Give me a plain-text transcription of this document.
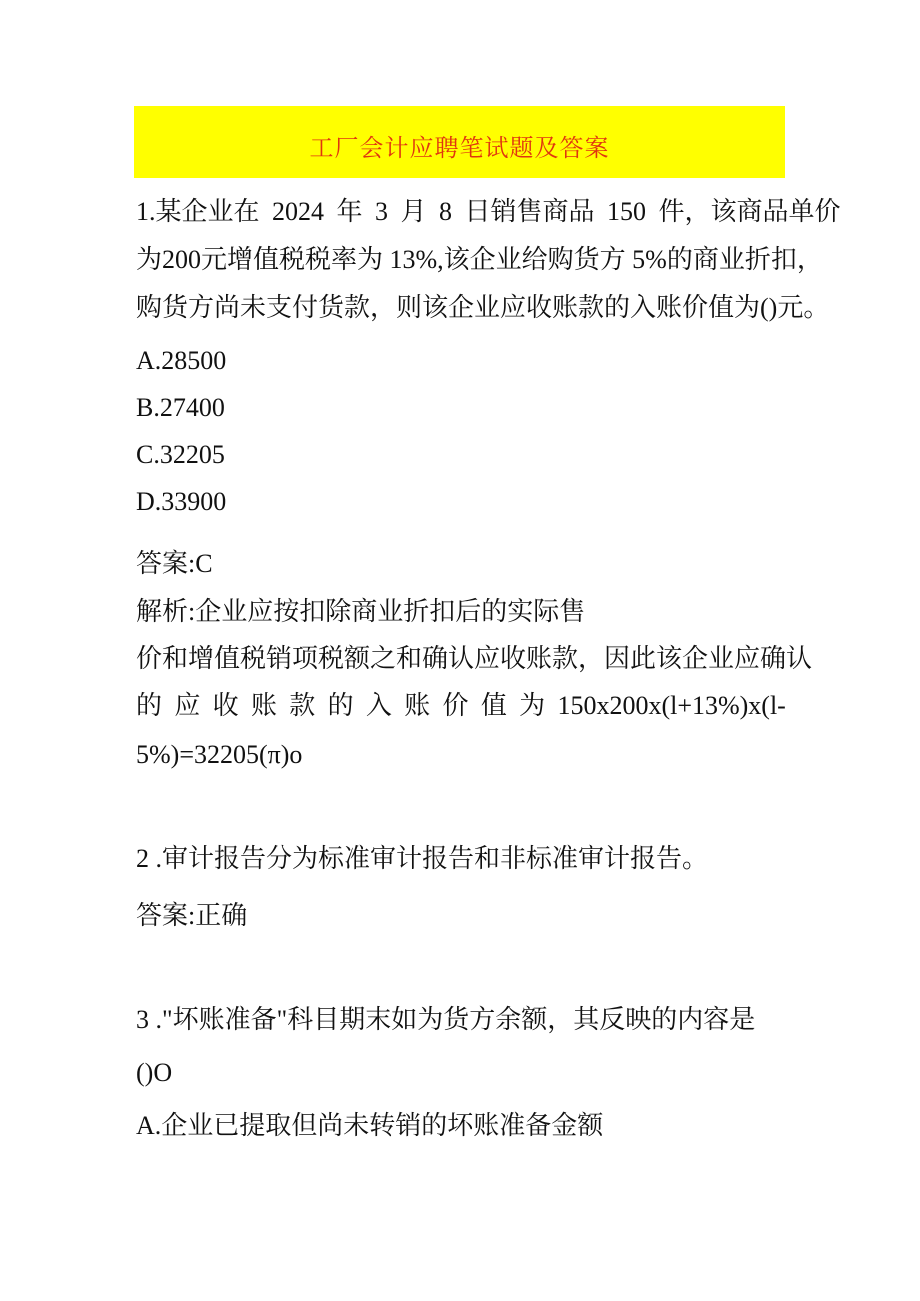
工厂会计应聘笔试题及答案
1.某企业在 2024 年 3 月 8 日销售商品 150 件，该商品单价
为200元增值税税率为 13%,该企业给购货方 5%的商业折扣，
购货方尚未支付货款，则该企业应收账款的入账价值为()元。
A.28500
B.27400
C.32205
D.33900
答案:C
解析:企业应按扣除商业折扣后的实际售
价和增值税销项税额之和确认应收账款，因此该企业应确认
的 应 收 账 款 的 入 账 价 值 为 150x200x(l+13%)x(l-
5%)=32205(π)o
2 .审计报告分为标准审计报告和非标准审计报告。
答案:正确
3 ."坏账准备"科目期末如为货方余额，其反映的内容是
()O
A.企业已提取但尚未转销的坏账准备金额
